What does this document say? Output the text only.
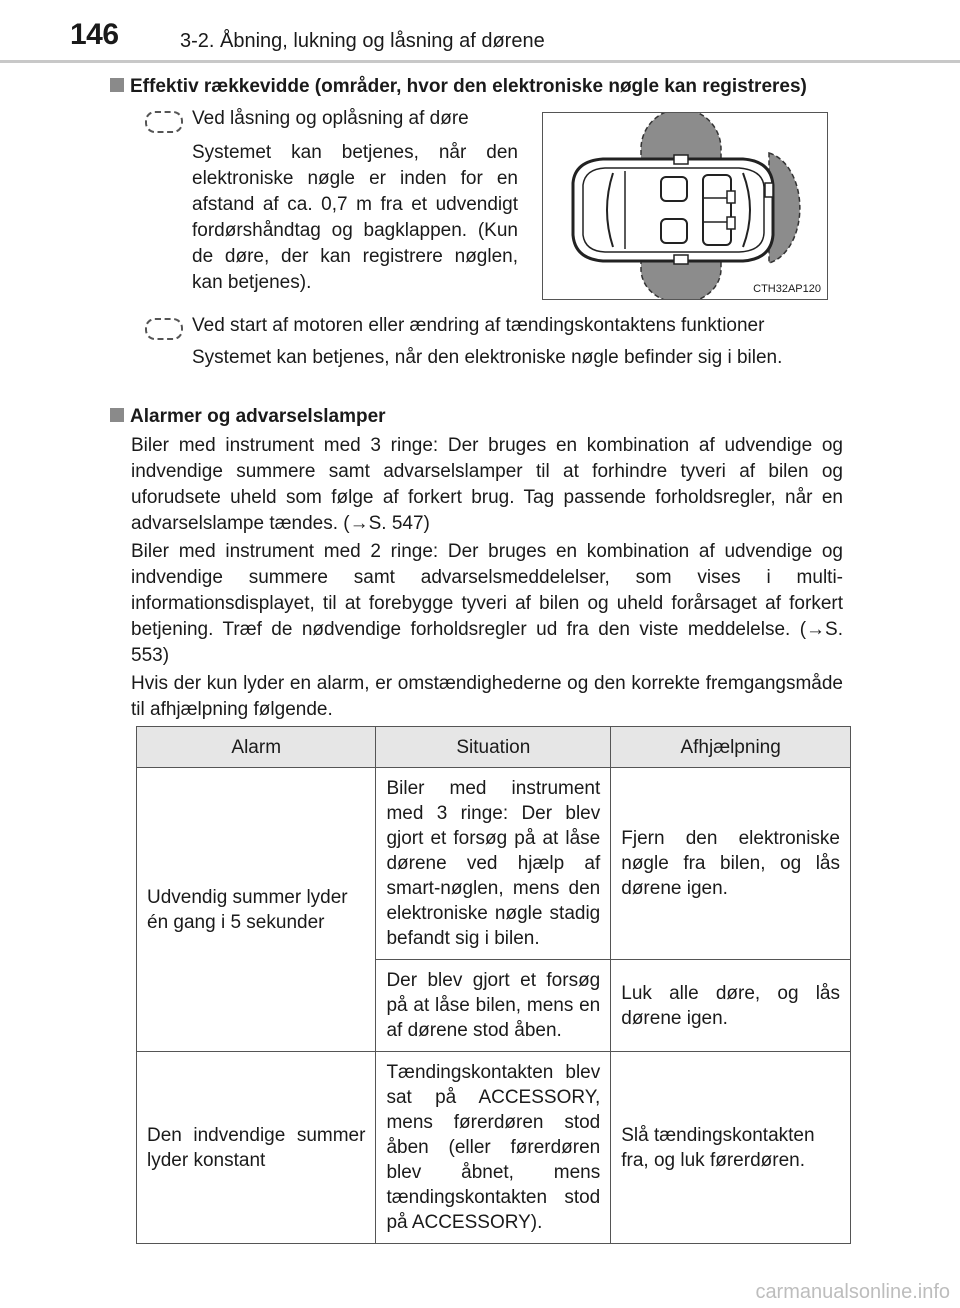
146	3-2. Åbning, lukning og låsning af dørene
Effektiv rækkevidde (områder, hvor den elektroniske nøgle kan registreres)
Ved låsning og oplåsning af døre
Systemet kan betjenes, når den elektroniske nøgle er inden for en afstand af ca. 0,7 m fra et udvendigt fordørshåndtag og bagklappen. (Kun de døre, der kan registrere nøglen, kan betjenes).	CTH32AP120
Ved start af motoren eller ændring af tændingskontaktens funktioner
Systemet kan betjenes, når den elektroniske nøgle befinder sig i bilen.
Alarmer og advarselslamper
Biler med instrument med 3 ringe: Der bruges en kombination af udvendige og indvendige summere samt advarselslamper til at forhindre tyveri af bilen og uforudsete uheld som følge af forkert brug. Tag passende forholdsregler, når en advarselslampe tændes. (→S. 547)
Biler med instrument med 2 ringe: Der bruges en kombination af udvendige og indvendige summere samt advarselsmeddelelser, som vises i multi-informationsdisplayet, til at forebygge tyveri af bilen og uheld forårsaget af forkert betjening. Træf de nødvendige forholdsregler ud fra den viste meddelelse. (→S. 553)
Hvis der kun lyder en alarm, er omstændighederne og den korrekte fremgangsmåde til afhjælpning følgende.
Alarm	Situation	Afhjælpning
Udvendig summer lyder én gang i 5 sekunder	Biler med instrument med 3 ringe: Der blev gjort et forsøg på at låse dørene ved hjælp af smart-nøglen, mens den elektroniske nøgle stadig befandt sig i bilen.	Fjern den elektroniske nøgle fra bilen, og lås dørene igen.
	Der blev gjort et forsøg på at låse bilen, mens en af dørene stod åben.	Luk alle døre, og lås dørene igen.
Den indvendige summer lyder konstant	Tændingskontakten blev sat på ACCESSORY, mens førerdøren stod åben (eller førerdøren blev åbnet, mens tændingskontakten stod på ACCESSORY).	Slå tændingskontakten fra, og luk førerdøren.
carmanualsonline.info
